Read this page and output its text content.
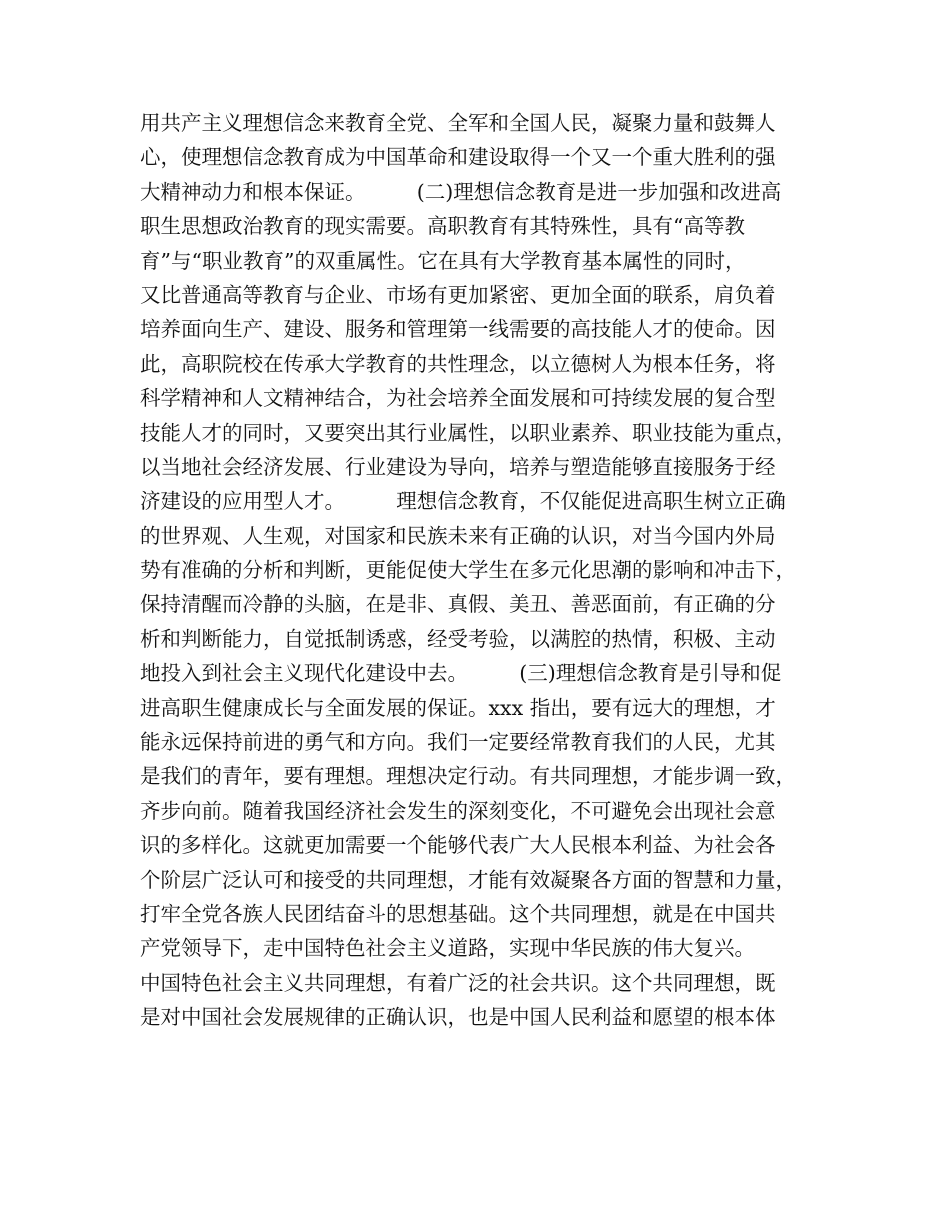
用共产主义理想信念来教育全党、全军和全国人民，凝聚力量和鼓舞人
心，使理想信念教育成为中国革命和建设取得一个又一个重大胜利的强
大精神动力和根本保证。　　　(二)理想信念教育是进一步加强和改进高
职生思想政治教育的现实需要。高职教育有其特殊性，具有“高等教
育”与“职业教育”的双重属性。它在具有大学教育基本属性的同时，
又比普通高等教育与企业、市场有更加紧密、更加全面的联系，肩负着
培养面向生产、建设、服务和管理第一线需要的高技能人才的使命。因
此，高职院校在传承大学教育的共性理念，以立德树人为根本任务，将
科学精神和人文精神结合，为社会培养全面发展和可持续发展的复合型
技能人才的同时，又要突出其行业属性，以职业素养、职业技能为重点，
以当地社会经济发展、行业建设为导向，培养与塑造能够直接服务于经
济建设的应用型人才。　　　理想信念教育，不仅能促进高职生树立正确
的世界观、人生观，对国家和民族未来有正确的认识，对当今国内外局
势有准确的分析和判断，更能促使大学生在多元化思潮的影响和冲击下，
保持清醒而冷静的头脑，在是非、真假、美丑、善恶面前，有正确的分
析和判断能力，自觉抵制诱惑，经受考验，以满腔的热情，积极、主动
地投入到社会主义现代化建设中去。　　　(三)理想信念教育是引导和促
进高职生健康成长与全面发展的保证。xxx 指出，要有远大的理想，才
能永远保持前进的勇气和方向。我们一定要经常教育我们的人民，尤其
是我们的青年，要有理想。理想决定行动。有共同理想，才能步调一致，
齐步向前。随着我国经济社会发生的深刻变化，不可避免会出现社会意
识的多样化。这就更加需要一个能够代表广大人民根本利益、为社会各
个阶层广泛认可和接受的共同理想，才能有效凝聚各方面的智慧和力量，
打牢全党各族人民团结奋斗的思想基础。这个共同理想，就是在中国共
产党领导下，走中国特色社会主义道路，实现中华民族的伟大复兴。
中国特色社会主义共同理想，有着广泛的社会共识。这个共同理想，既
是对中国社会发展规律的正确认识，也是中国人民利益和愿望的根本体
